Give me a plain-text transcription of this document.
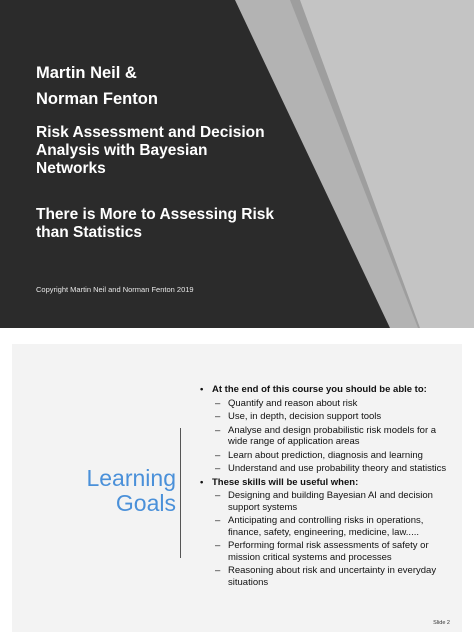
Martin Neil &
Norman Fenton
Risk Assessment and Decision
Analysis with Bayesian
Networks
There is More to Assessing Risk
than Statistics
Copyright Martin Neil and Norman Fenton 2019
Learning
Goals
• At the end of this course you should be able to:
– Quantify and reason about risk
– Use, in depth, decision support tools
– Analyse and design probabilistic risk models for a wide range of application areas
– Learn about prediction, diagnosis and learning
– Understand and use probability theory and statistics
• These skills will be useful when:
– Designing and building Bayesian AI and decision support systems
– Anticipating and controlling risks in operations, finance, safety, engineering, medicine, law.....
– Performing formal risk assessments of safety or mission critical systems and processes
– Reasoning about risk and uncertainty in everyday situations
Slide 2
